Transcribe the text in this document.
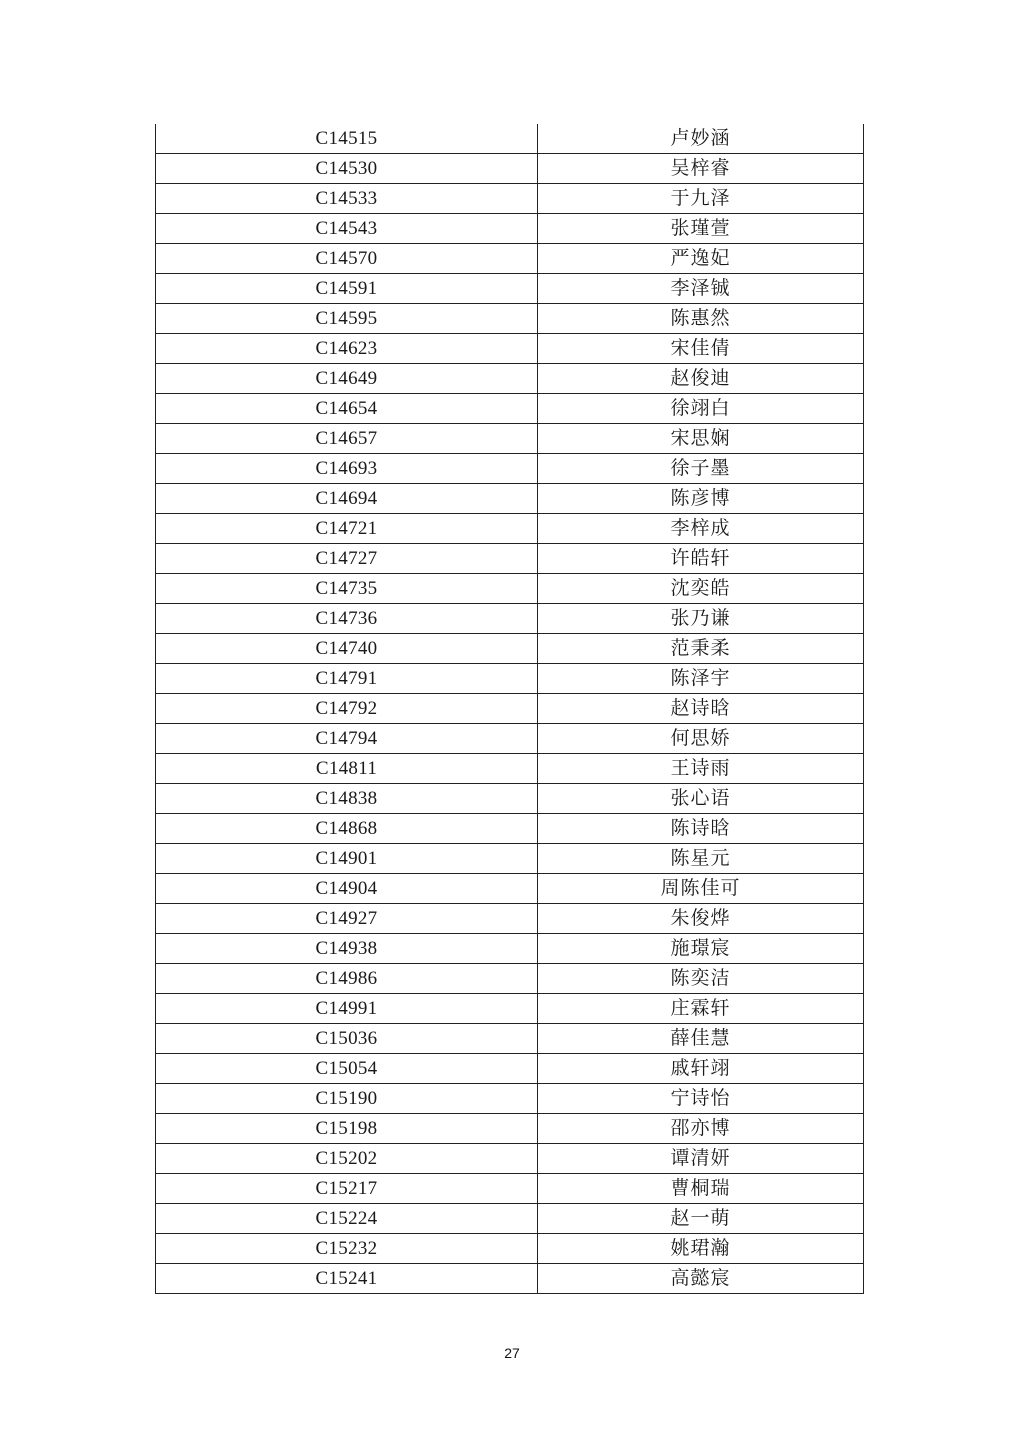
C14515	卢妙涵
C14530	吴梓睿
C14533	于九泽
C14543	张瑾萱
C14570	严逸妃
C14591	李泽铖
C14595	陈惠然
C14623	宋佳倩
C14649	赵俊迪
C14654	徐翊白
C14657	宋思娴
C14693	徐子墨
C14694	陈彦博
C14721	李梓成
C14727	许皓轩
C14735	沈奕皓
C14736	张乃谦
C14740	范秉柔
C14791	陈泽宇
C14792	赵诗晗
C14794	何思娇
C14811	王诗雨
C14838	张心语
C14868	陈诗晗
C14901	陈星元
C14904	周陈佳可
C14927	朱俊烨
C14938	施璟宸
C14986	陈奕洁
C14991	庄霖轩
C15036	薛佳慧
C15054	戚轩翊
C15190	宁诗怡
C15198	邵亦博
C15202	谭清妍
C15217	曹桐瑞
C15224	赵一萌
C15232	姚珺瀚
C15241	高懿宸
27
